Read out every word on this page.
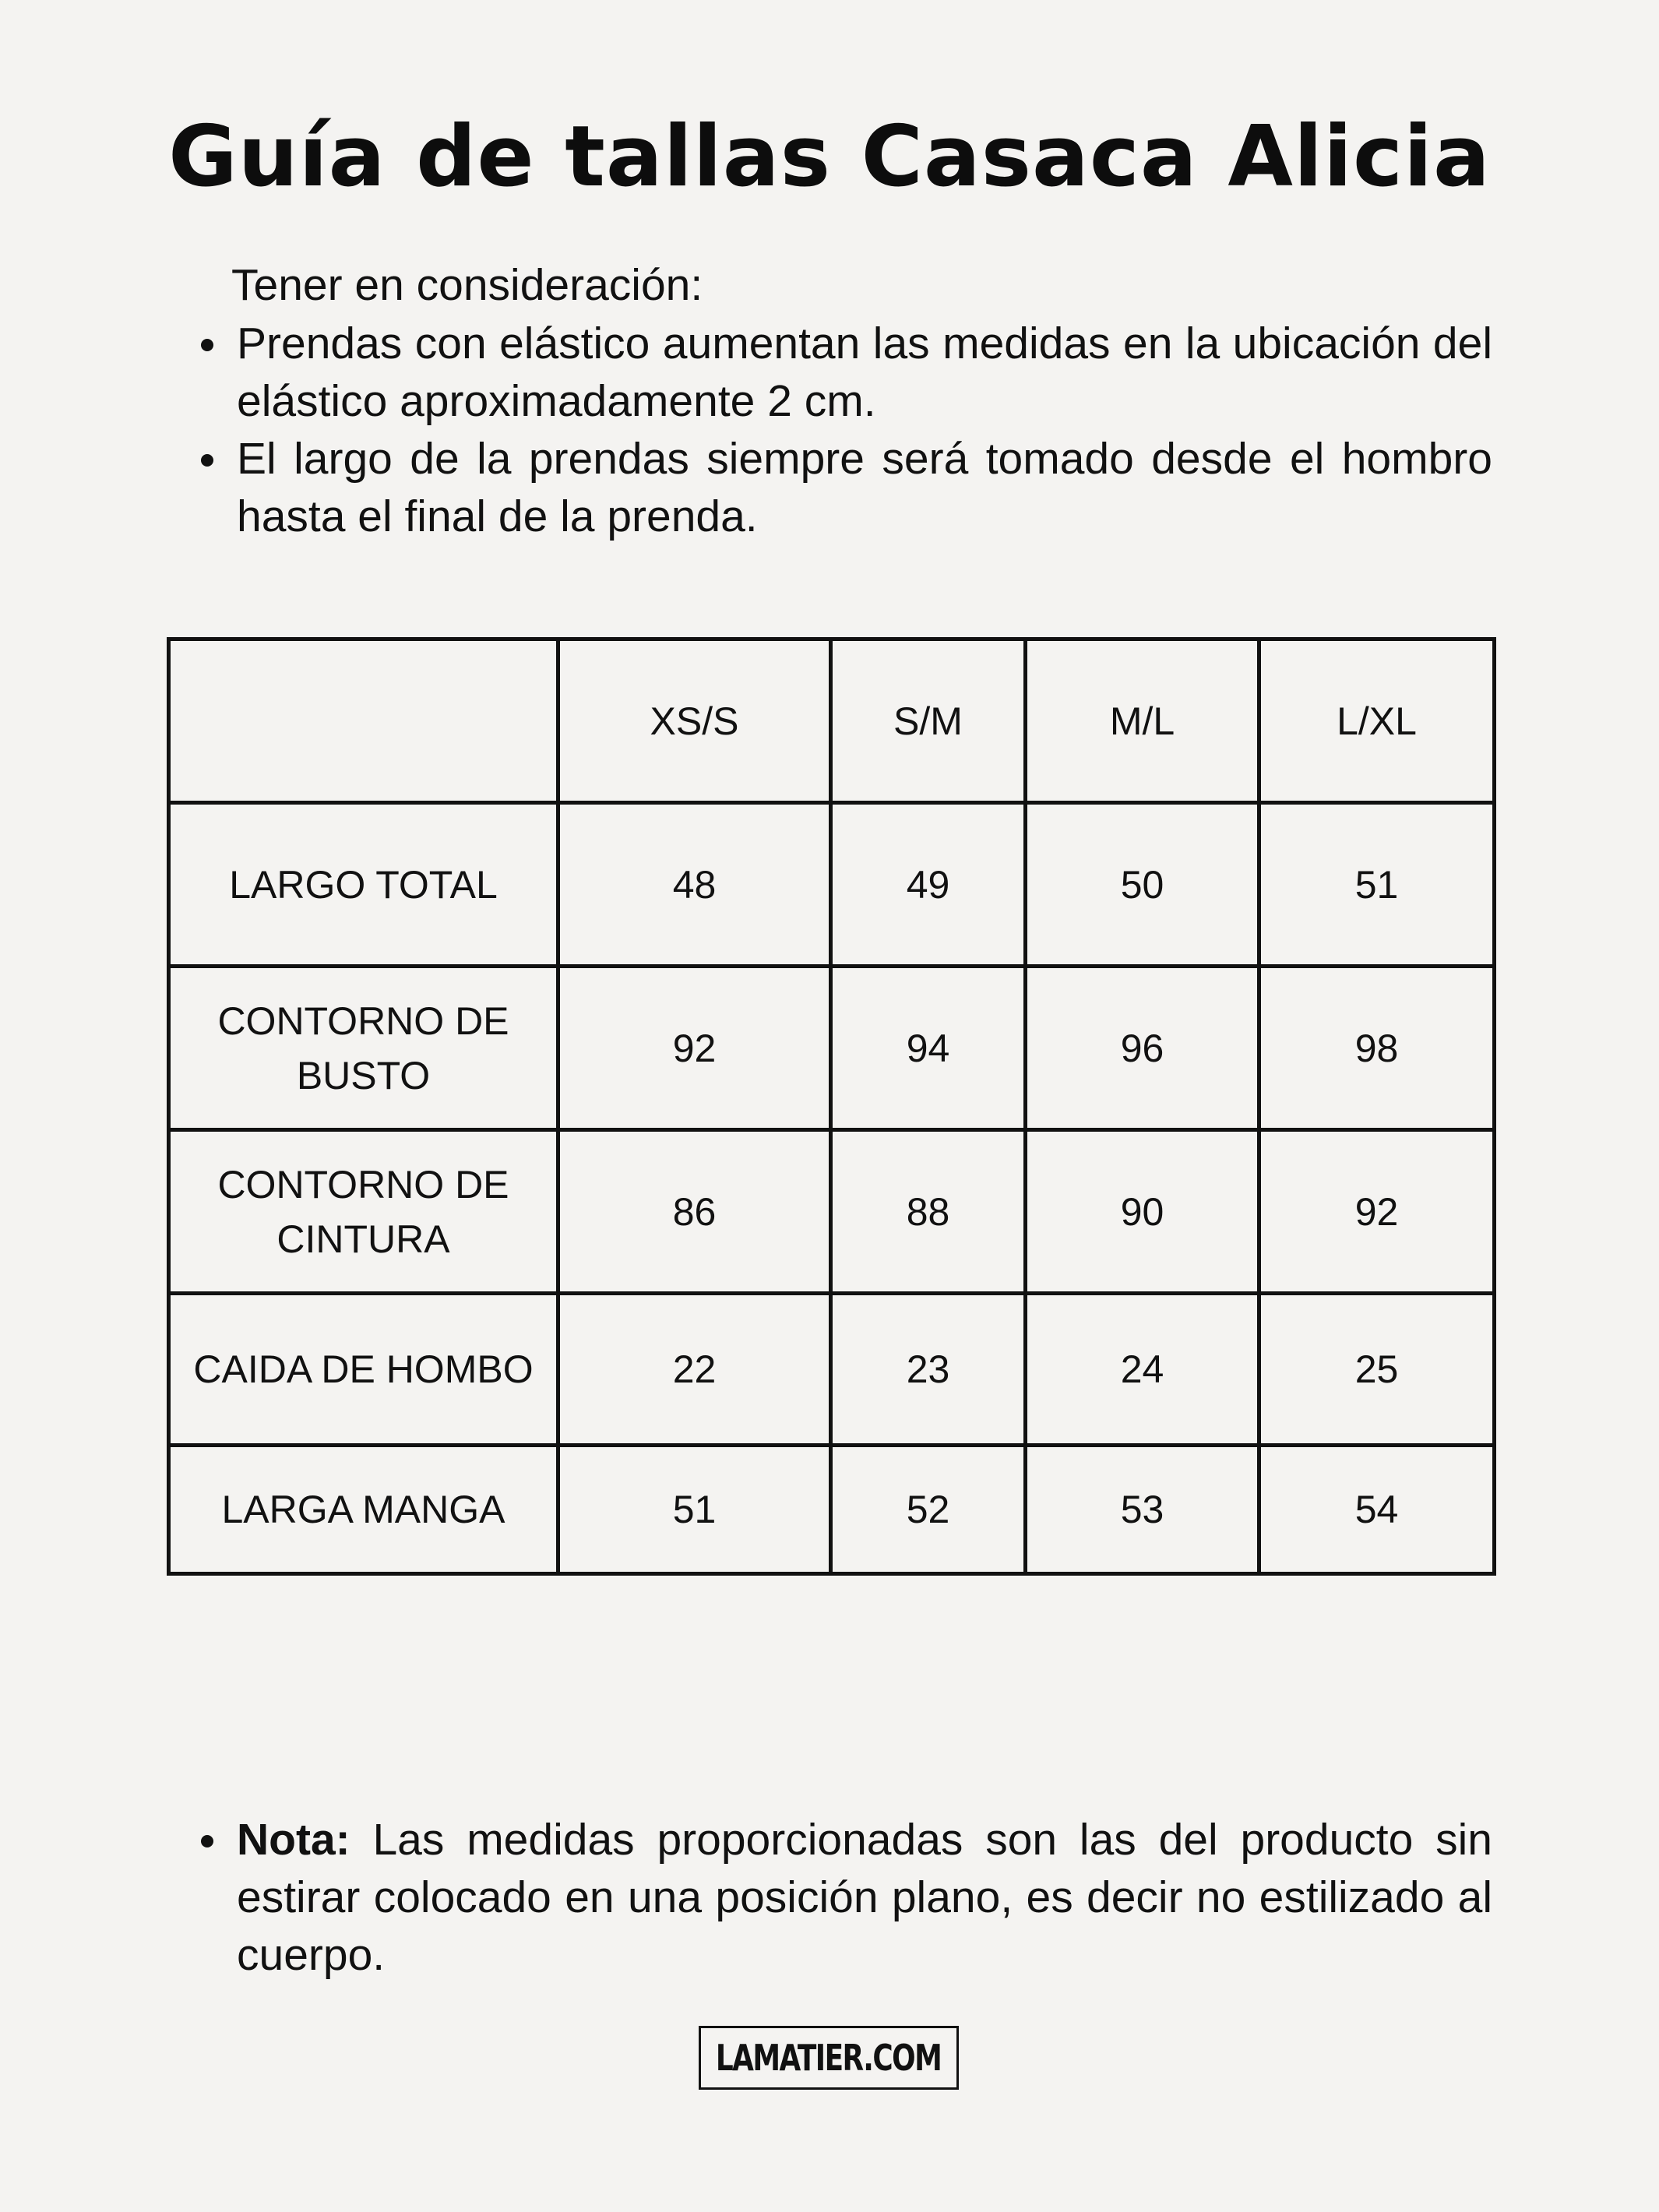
Guía de tallas Casaca Alicia
Tener en consideración:
Prendas con elástico aumentan las medidas en la ubicación del elástico aproximadamente 2 cm.
El largo de la prendas siempre será tomado desde el hombro hasta el final de la prenda.
	XS/S	S/M	M/L	L/XL
LARGO TOTAL	48	49	50	51
CONTORNO DE BUSTO	92	94	96	98
CONTORNO DE CINTURA	86	88	90	92
CAIDA DE HOMBO	22	23	24	25
LARGA MANGA	51	52	53	54
Nota: Las medidas proporcionadas son las del producto sin estirar colocado en una posición plano, es decir no estilizado al cuerpo.
LAMATIER.COM
